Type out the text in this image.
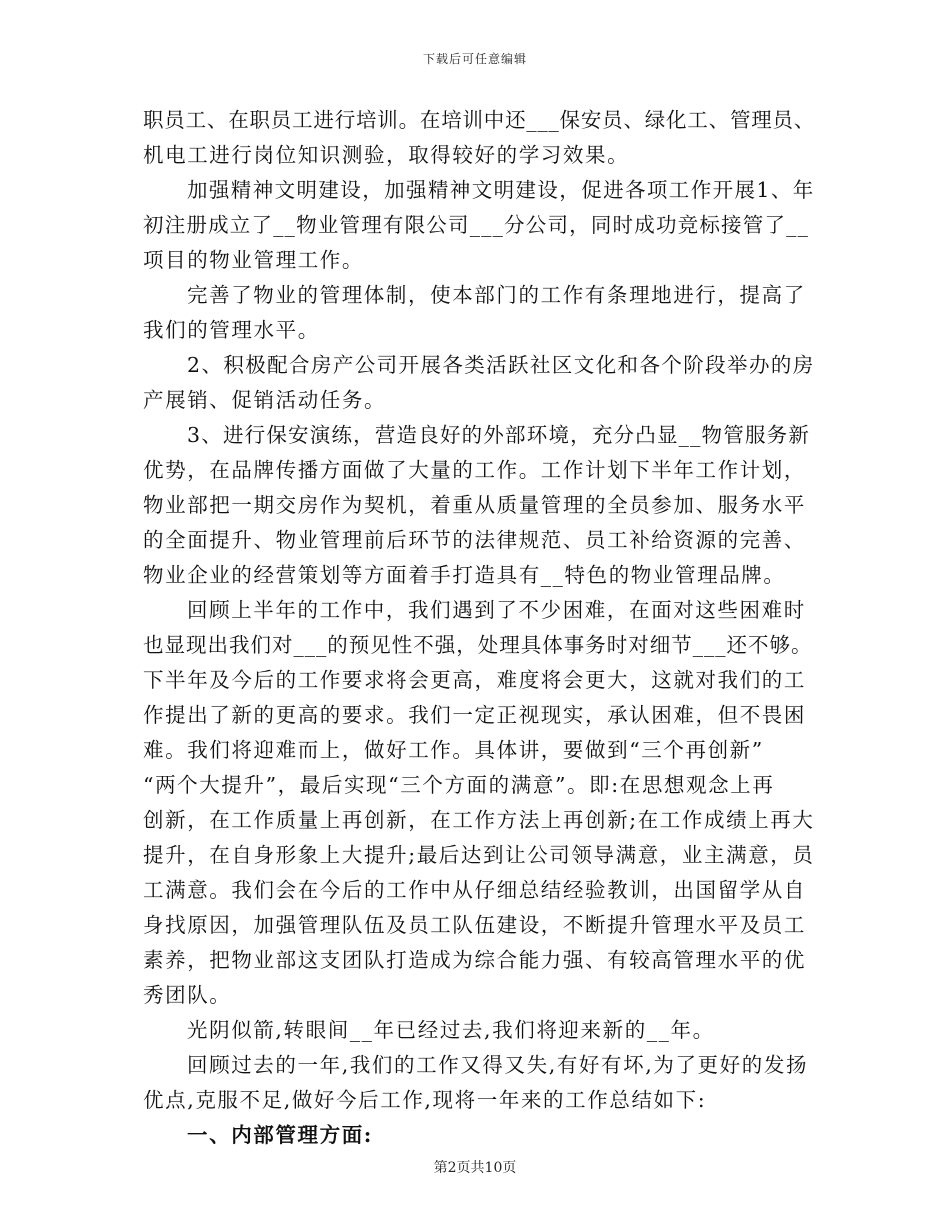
下载后可任意编辑
职员工、在职员工进行培训。在培训中还___保安员、绿化工、管理员、
机电工进行岗位知识测验，取得较好的学习效果。
加强精神文明建设，加强精神文明建设，促进各项工作开展1、年
初注册成立了__物业管理有限公司___分公司，同时成功竞标接管了__
项目的物业管理工作。
完善了物业的管理体制，使本部门的工作有条理地进行，提高了
我们的管理水平。
2、积极配合房产公司开展各类活跃社区文化和各个阶段举办的房
产展销、促销活动任务。
3、进行保安演练，营造良好的外部环境，充分凸显__物管服务新
优势，在品牌传播方面做了大量的工作。工作计划下半年工作计划，
物业部把一期交房作为契机，着重从质量管理的全员参加、服务水平
的全面提升、物业管理前后环节的法律规范、员工补给资源的完善、
物业企业的经营策划等方面着手打造具有__特色的物业管理品牌。
回顾上半年的工作中，我们遇到了不少困难，在面对这些困难时
也显现出我们对___的预见性不强，处理具体事务时对细节___还不够。
下半年及今后的工作要求将会更高，难度将会更大，这就对我们的工
作提出了新的更高的要求。我们一定正视现实，承认困难，但不畏困
难。我们将迎难而上，做好工作。具体讲，要做到“三个再创新”
“两个大提升”，最后实现“三个方面的满意”。即:在思想观念上再
创新，在工作质量上再创新，在工作方法上再创新;在工作成绩上再大
提升，在自身形象上大提升;最后达到让公司领导满意，业主满意，员
工满意。我们会在今后的工作中从仔细总结经验教训，出国留学从自
身找原因，加强管理队伍及员工队伍建设，不断提升管理水平及员工
素养，把物业部这支团队打造成为综合能力强、有较高管理水平的优
秀团队。
光阴似箭,转眼间__年已经过去,我们将迎来新的__年。
回顾过去的一年,我们的工作又得又失,有好有坏,为了更好的发扬
优点,克服不足,做好今后工作,现将一年来的工作总结如下:
一、内部管理方面:
第2页共10页
